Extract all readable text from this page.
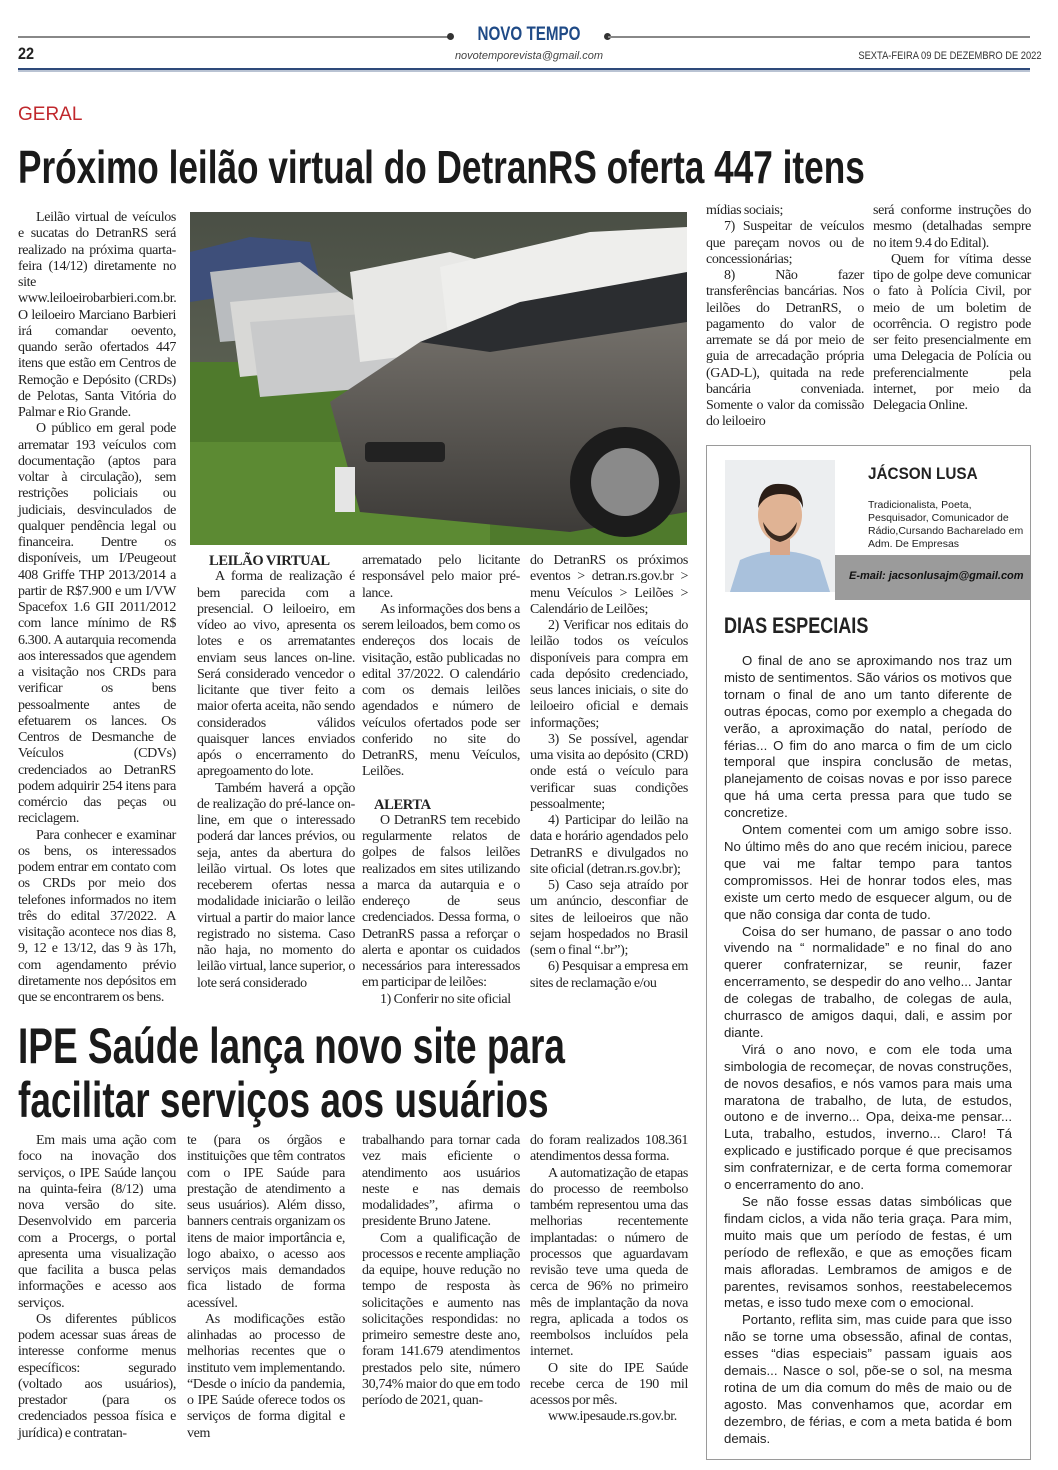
NOVO TEMPO
22	novotemporevista@gmail.com	SEXTA-FEIRA 09 DE DEZEMBRO DE 2022
GERAL
Próximo leilão virtual do DetranRS oferta 447 itens

Leilão virtual de veículos e sucatas do DetranRS será realizado na próxima quarta-feira (14/12) diretamente no site www.leiloeirobarbieri.com.br. O leiloeiro Marciano Barbieri irá comandar oevento, quando serão ofertados 447 itens que estão em Centros de Remoção e Depósito (CRDs) de Pelotas, Santa Vitória do Palmar e Rio Grande.

O público em geral pode arrematar 193 veículos com documentação (aptos para voltar à circulação), sem restrições policiais ou judiciais, desvinculados de qualquer pendência legal ou financeira. Dentre os disponíveis, um I/Peugeout 408 Griffe THP 2013/2014 a partir de R$7.900 e um I/VW Spacefox 1.6 GII 2011/2012 com lance mínimo de R$ 6.300. A autarquia recomenda aos interessados que agendem a visitação nos CRDs para verificar os bens pessoalmente antes de efetuarem os lances. Os Centros de Desmanche de Veículos (CDVs) credenciados ao DetranRS podem adquirir 254 itens para comércio das peças ou reciclagem.

Para conhecer e examinar os bens, os interessados podem entrar em contato com os CRDs por meio dos telefones informados no item três do edital 37/2022. A visitação acontece nos dias 8, 9, 12 e 13/12, das 9 às 17h, com agendamento prévio diretamente nos depósitos em que se encontrarem os bens.

LEILÃO VIRTUAL

A forma de realização é bem parecida com a presencial. O leiloeiro, em vídeo ao vivo, apresenta os lotes e os arrematantes enviam seus lances on-line. Será considerado vencedor o licitante que tiver feito a maior oferta aceita, não sendo considerados válidos quaisquer lances enviados após o encerramento do apregoamento do lote.

Também haverá a opção de realização do pré-lance on-line, em que o interessado poderá dar lances prévios, ou seja, antes da abertura do leilão virtual. Os lotes que receberem ofertas nessa modalidade iniciarão o leilão virtual a partir do maior lance registrado no sistema. Caso não haja, no momento do leilão virtual, lance superior, o lote será considerado

arrematado pelo licitante responsável pelo maior pré-lance.

As informações dos bens a serem leiloados, bem como os endereços dos locais de visitação, estão publicadas no edital 37/2022. O calendário com os demais leilões agendados e número de veículos ofertados pode ser conferido no site do DetranRS, menu Veículos, Leilões.

ALERTA

O DetranRS tem recebido regularmente relatos de golpes de falsos leilões realizados em sites utilizando a marca da autarquia e o endereço de seus credenciados. Dessa forma, o DetranRS passa a reforçar o alerta e apontar os cuidados necessários para interessados em participar de leilões:

1) Conferir no site oficial

do DetranRS os próximos eventos > detran.rs.gov.br > menu Veículos > Leilões > Calendário de Leilões;

2) Verificar nos editais do leilão todos os veículos disponíveis para compra em cada depósito credenciado, seus lances iniciais, o site do leiloeiro oficial e demais informações;

3) Se possível, agendar uma visita ao depósito (CRD) onde está o veículo para verificar suas condições pessoalmente;

4) Participar do leilão na data e horário agendados pelo DetranRS e divulgados no site oficial (detran.rs.gov.br);

5) Caso seja atraído por um anúncio, desconfiar de sites de leiloeiros que não sejam hospedados no Brasil (sem o final “.br”);

6) Pesquisar a empresa em sites de reclamação e/ou

mídias sociais;

7) Suspeitar de veículos que pareçam novos ou de concessionárias;

8) Não fazer transferências bancárias. Nos leilões do DetranRS, o pagamento do valor de arremate se dá por meio de guia de arrecadação própria (GAD-L), quitada na rede bancária conveniada. Somente o valor da comissão do leiloeiro

será conforme instruções do mesmo (detalhadas sempre no item 9.4 do Edital).

Quem for vítima desse tipo de golpe deve comunicar o fato à Polícia Civil, por meio de um boletim de ocorrência. O registro pode ser feito presencialmente em uma Delegacia de Polícia ou preferencialmente pela internet, por meio da Delegacia Online.

IPE Saúde lança novo site para
facilitar serviços aos usuários

Em mais uma ação com foco na inovação dos serviços, o IPE Saúde lançou na quinta-feira (8/12) uma nova versão do site. Desenvolvido em parceria com a Procergs, o portal apresenta uma visualização que facilita a busca pelas informações e acesso aos serviços.

Os diferentes públicos podem acessar suas áreas de interesse conforme menus específicos: segurado (voltado aos usuários), prestador (para os credenciados pessoa física e jurídica) e contratan-

te (para os órgãos e instituições que têm contratos com o IPE Saúde para prestação de atendimento a seus usuários). Além disso, banners centrais organizam os itens de maior importância e, logo abaixo, o acesso aos serviços mais demandados fica listado de forma acessível.

As modificações estão alinhadas ao processo de melhorias recentes que o instituto vem implementando. “Desde o início da pandemia, o IPE Saúde oferece todos os serviços de forma digital e vem

trabalhando para tornar cada vez mais eficiente o atendimento aos usuários neste e nas demais modalidades”, afirma o presidente Bruno Jatene.

Com a qualificação de processos e recente ampliação da equipe, houve redução no tempo de resposta às solicitações e aumento nas solicitações respondidas: no primeiro semestre deste ano, foram 141.679 atendimentos prestados pelo site, número 30,74% maior do que em todo período de 2021, quan-

do foram realizados 108.361 atendimentos dessa forma.

A automatização de etapas do processo de reembolso também representou uma das melhorias recentemente implantadas: o número de processos que aguardavam revisão teve uma queda de cerca de 96% no primeiro mês de implantação da nova regra, aplicada a todos os reembolsos incluídos pela internet.

O site do IPE Saúde recebe cerca de 190 mil acessos por mês.

www.ipesaude.rs.gov.br.

JÁCSON LUSA
Tradicionalista, Poeta, Pesquisador, Comunicador de Rádio,Cursando Bacharelado em Adm. De Empresas
E-mail: jacsonlusajm@gmail.com
DIAS ESPECIAIS

O final de ano se aproximando nos traz um misto de sentimentos. São vários os motivos que tornam o final de ano um tanto diferente de outras épocas, como por exemplo a chegada do verão, a aproximação do natal, período de férias... O fim do ano marca o fim de um ciclo temporal que inspira conclusão de metas, planejamento de coisas novas e por isso parece que há uma certa pressa para que tudo se concretize.

Ontem comentei com um amigo sobre isso. No último mês do ano que recém iniciou, parece que vai me faltar tempo para tantos compromissos. Hei de honrar todos eles, mas existe um certo medo de esquecer algum, ou de que não consiga dar conta de tudo.

Coisa do ser humano, de passar o ano todo vivendo na “ normalidade” e no final do ano querer confraternizar, se reunir, fazer encerramento, se despedir do ano velho... Jantar de colegas de trabalho, de colegas de aula, churrasco de amigos daqui, dali, e assim por diante.

Virá o ano novo, e com ele toda uma simbologia de recomeçar, de novas construções, de novos desafios, e nós vamos para mais uma maratona de trabalho, de luta, de estudos, outono e de inverno... Opa, deixa-me pensar... Luta, trabalho, estudos, inverno... Claro! Tá explicado e justificado porque é que precisamos sim confraternizar, e de certa forma comemorar o encerramento do ano.

Se não fosse essas datas simbólicas que findam ciclos, a vida não teria graça. Para mim, muito mais que um período de festas, é um período de reflexão, e que as emoções ficam mais afloradas. Lembramos de amigos e de parentes, revisamos sonhos, reestabelecemos metas, e isso tudo mexe com o emocional.

Portanto, reflita sim, mas cuide para que isso não se torne uma obsessão, afinal de contas, esses “dias especiais” passam iguais aos demais... Nasce o sol, põe-se o sol, na mesma rotina de um dia comum do mês de maio ou de agosto. Mas convenhamos que, acordar em dezembro, de férias, e com a meta batida é bom demais.
